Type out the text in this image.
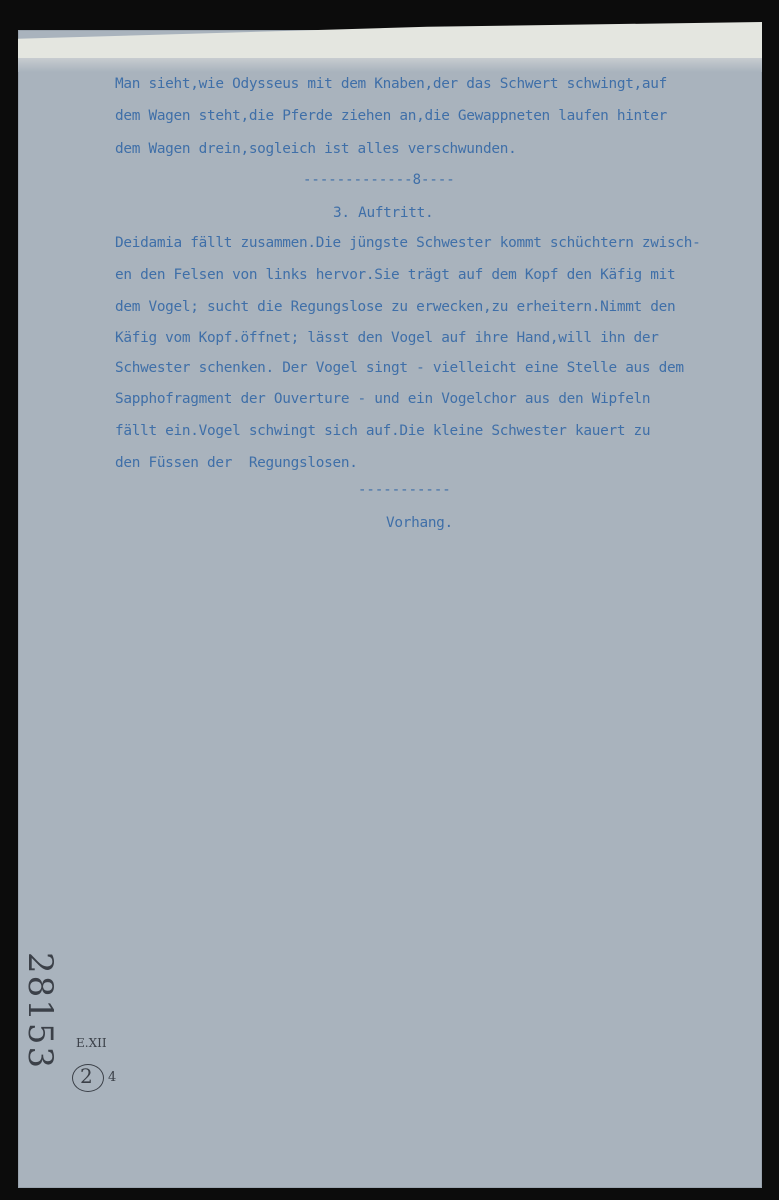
Man sieht,wie Odysseus mit dem Knaben,der das Schwert schwingt,auf
dem Wagen steht,die Pferde ziehen an,die Gewappneten laufen hinter
dem Wagen drein,sogleich ist alles verschwunden.
-------------8----
3. Auftritt.
Deidamia fällt zusammen.Die jüngste Schwester kommt schüchtern zwisch-
en den Felsen von links hervor.Sie trägt auf dem Kopf den Käfig mit
dem Vogel; sucht die Regungslose zu erwecken,zu erheitern.Nimmt den
Käfig vom Kopf.öffnet; lässt den Vogel auf ihre Hand,will ihn der
Schwester schenken. Der Vogel singt - vielleicht eine Stelle aus dem
Sapphofragment der Ouverture - und ein Vogelchor aus den Wipfeln
fällt ein.Vogel schwingt sich auf.Die kleine Schwester kauert zu
den Füssen der  Regungslosen.
-----------
Vorhang.
28153 E.XII
2 4
